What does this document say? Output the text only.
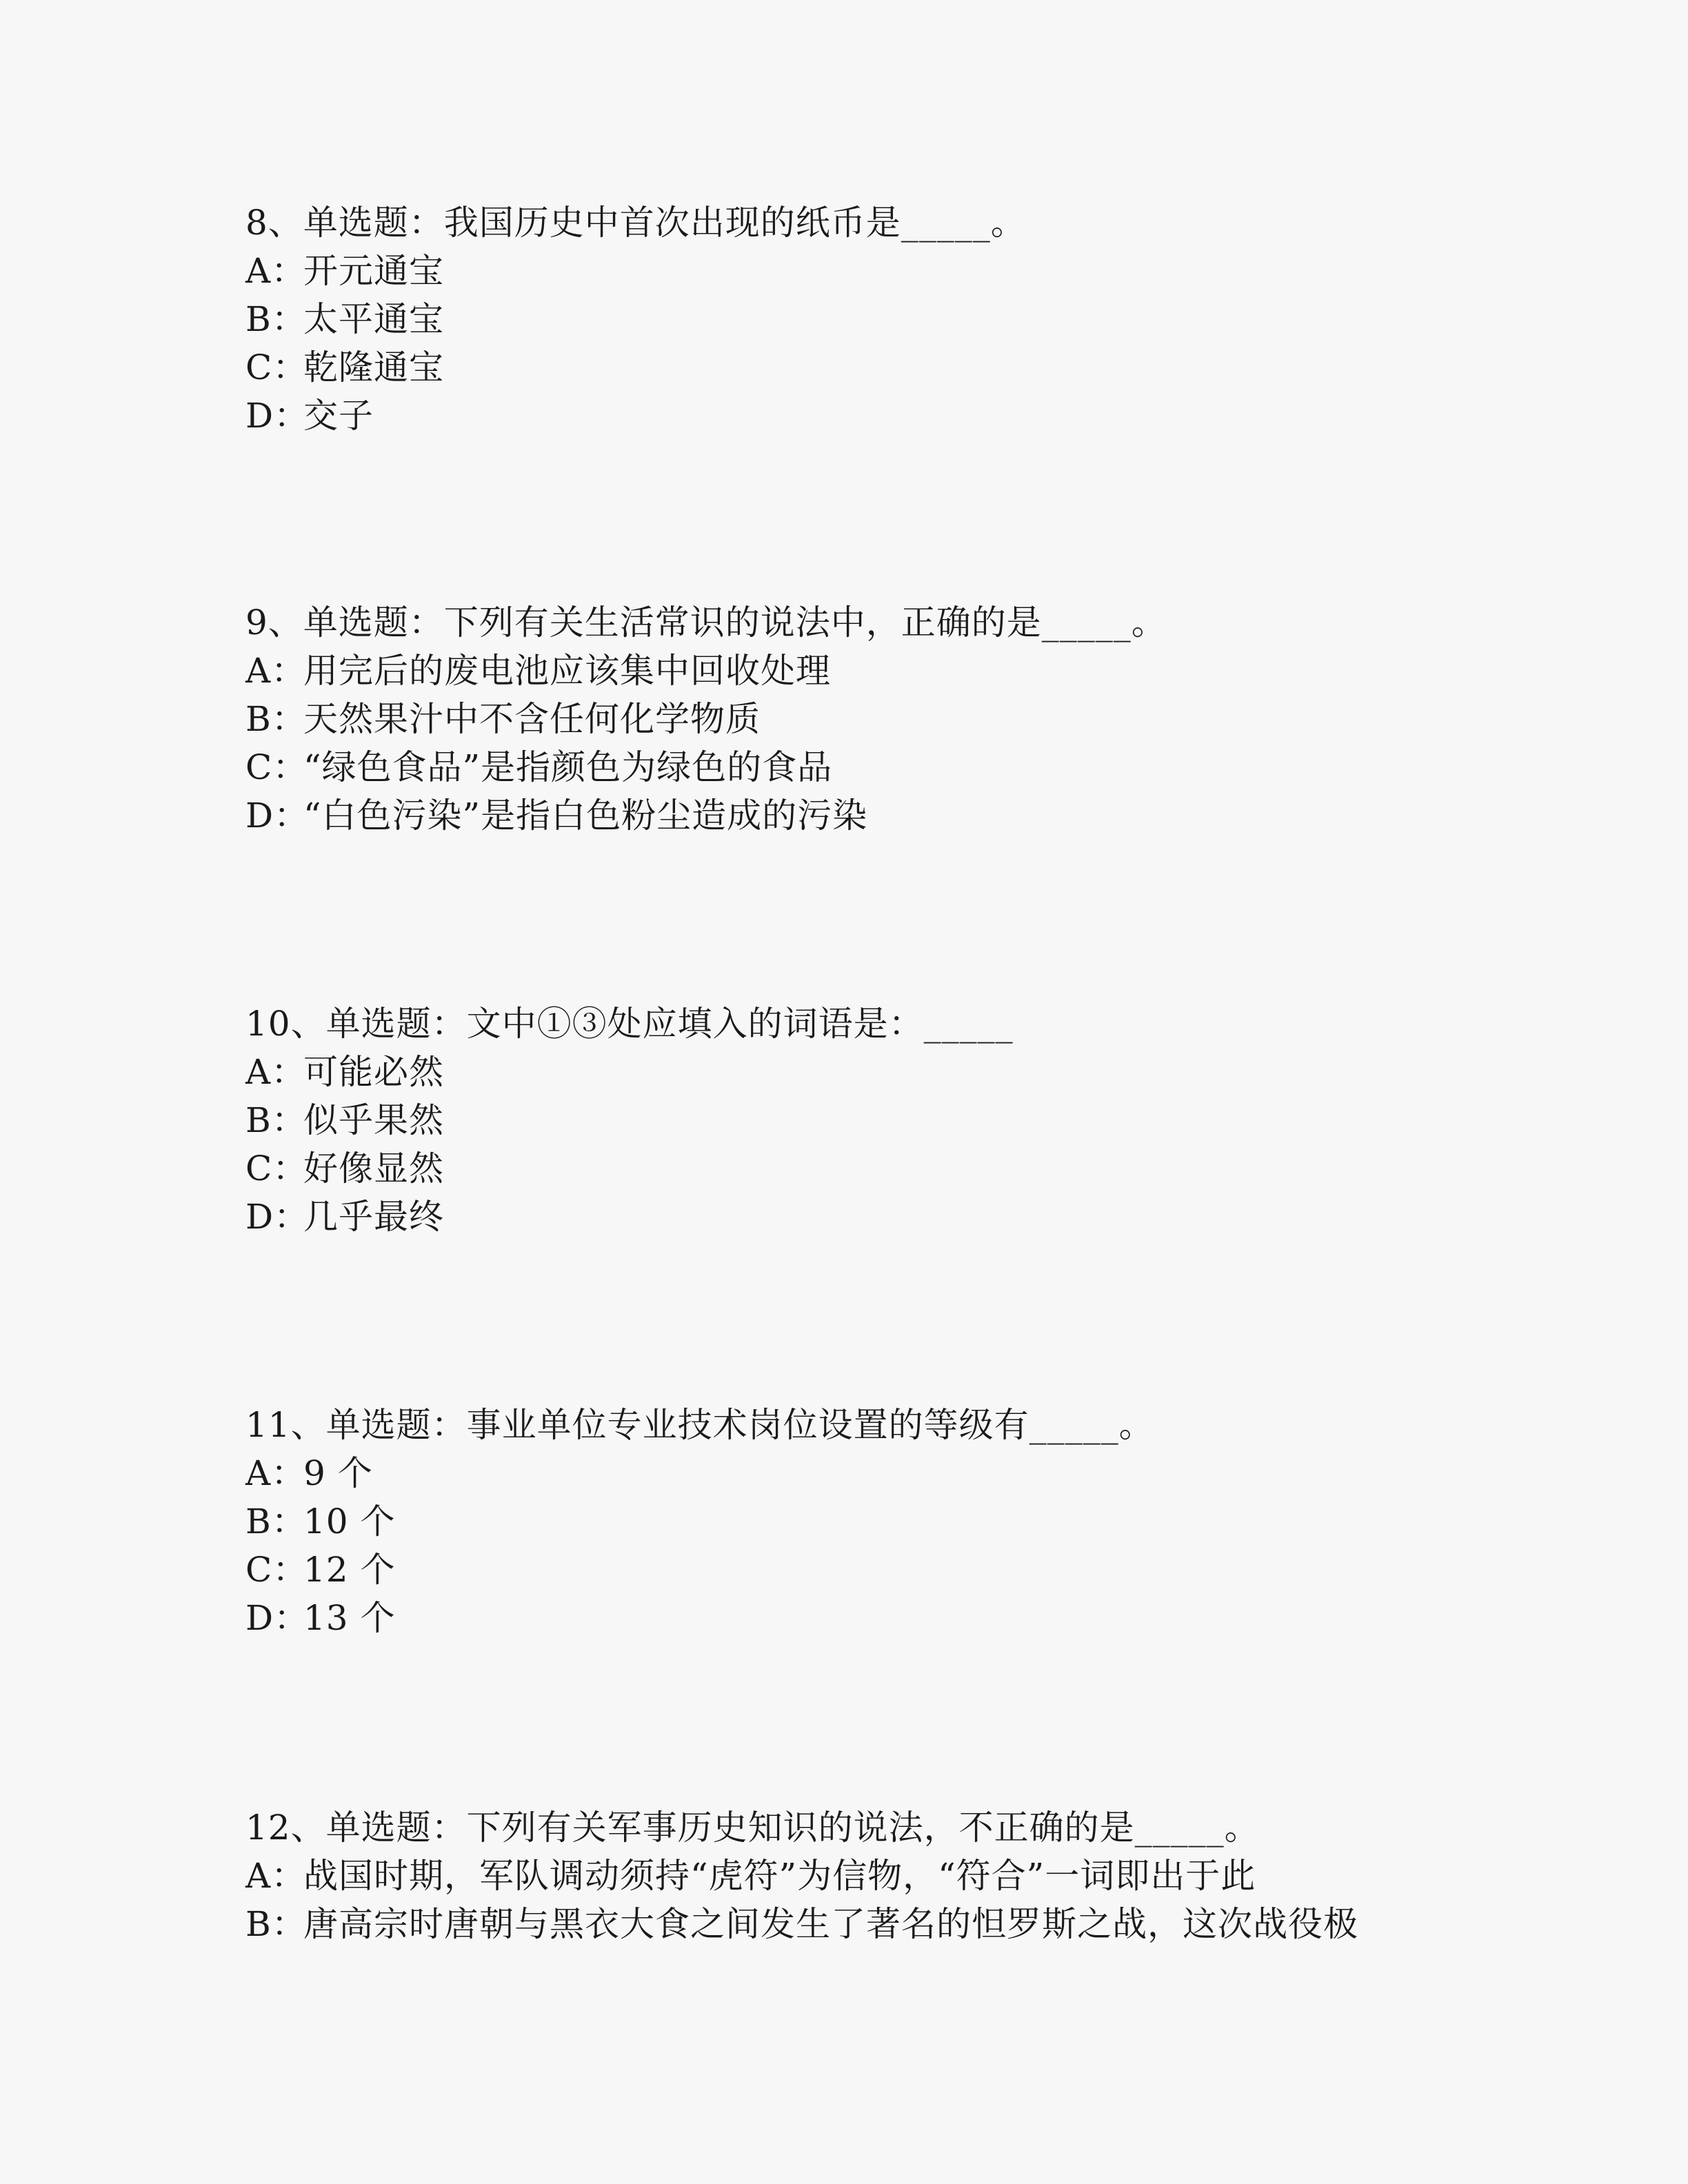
8、单选题：我国历史中首次出现的纸币是_____。
A：开元通宝
B：太平通宝
C：乾隆通宝
D：交子
9、单选题：下列有关生活常识的说法中，正确的是_____。
A：用完后的废电池应该集中回收处理
B：天然果汁中不含任何化学物质
C：“绿色食品”是指颜色为绿色的食品
D：“白色污染”是指白色粉尘造成的污染
10、单选题：文中①③处应填入的词语是：_____
A：可能必然
B：似乎果然
C：好像显然
D：几乎最终
11、单选题：事业单位专业技术岗位设置的等级有_____。
A：9 个
B：10 个
C：12 个
D：13 个
12、单选题：下列有关军事历史知识的说法，不正确的是_____。
A：战国时期，军队调动须持“虎符”为信物，“符合”一词即出于此
B：唐高宗时唐朝与黑衣大食之间发生了著名的怛罗斯之战，这次战役极
